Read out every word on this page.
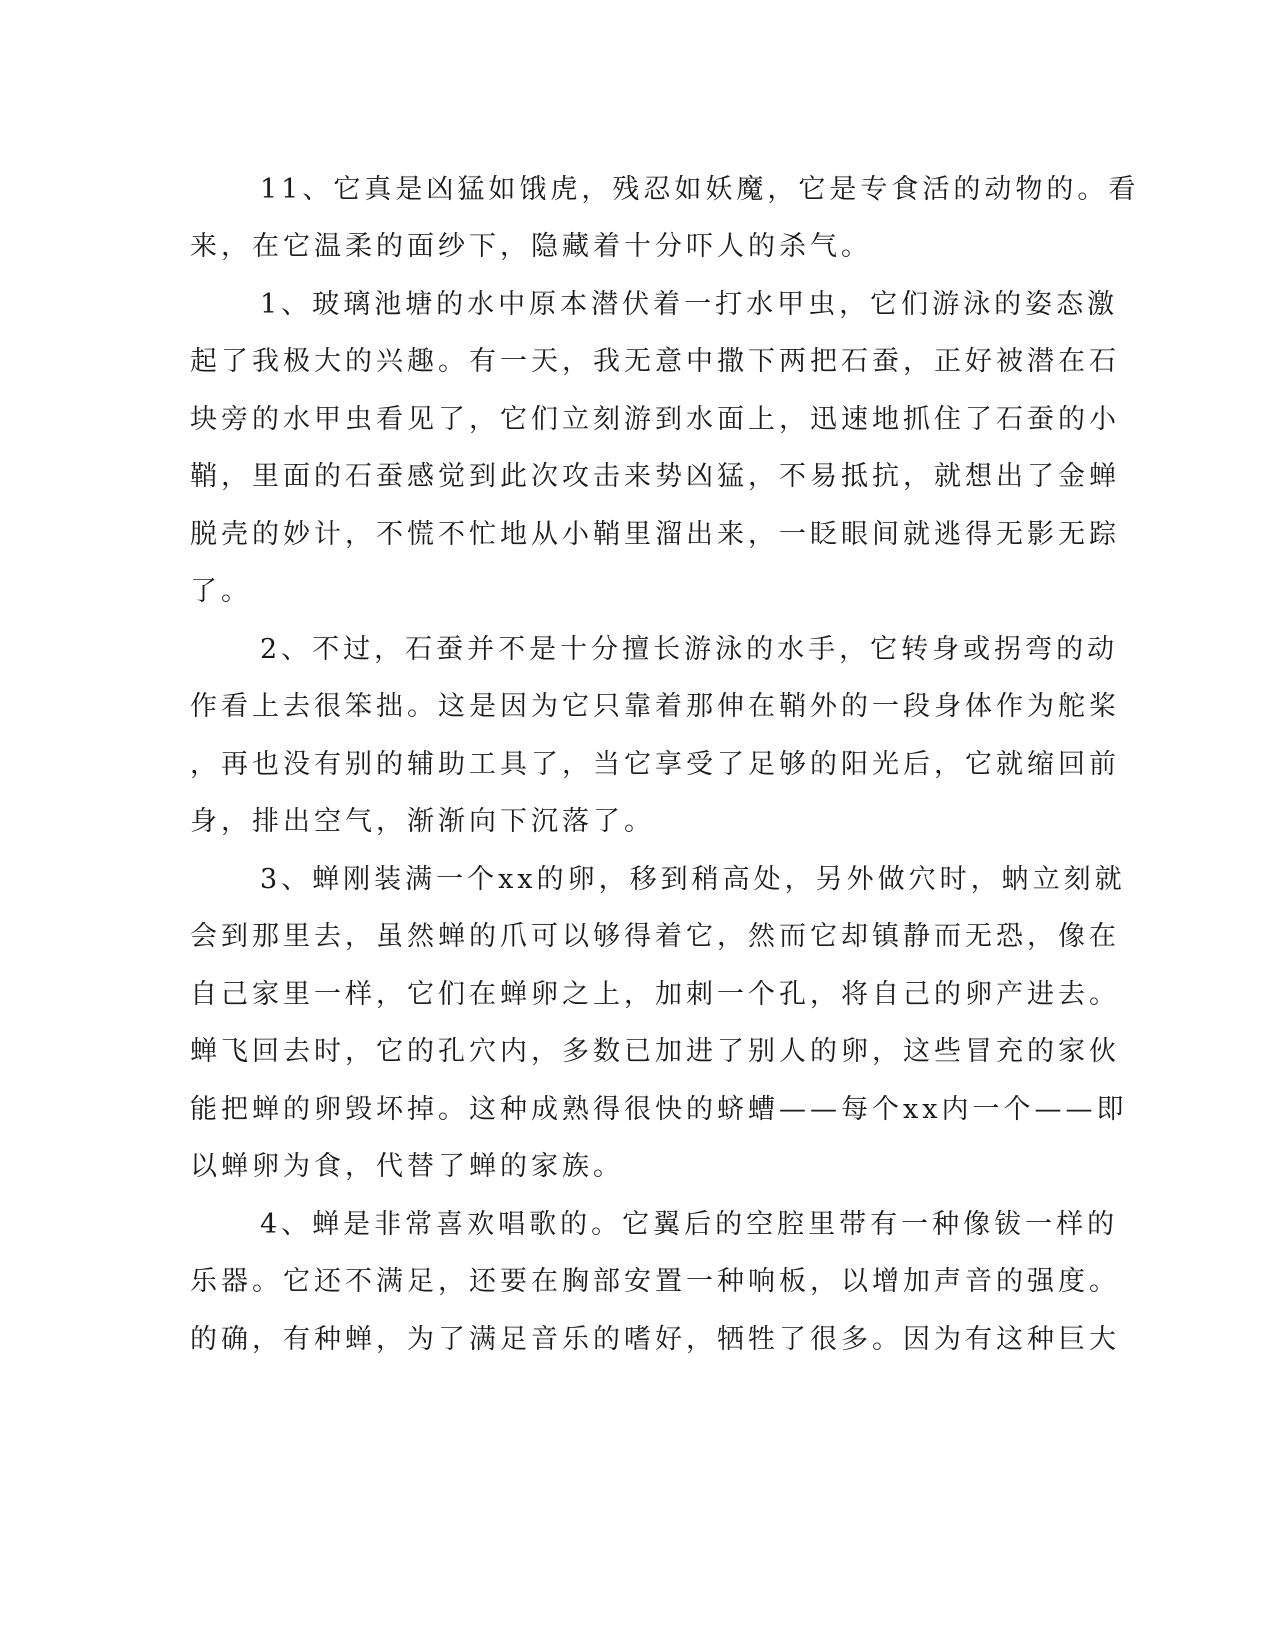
11、它真是凶猛如饿虎，残忍如妖魔，它是专食活的动物的。看
来，在它温柔的面纱下，隐藏着十分吓人的杀气。
1、玻璃池塘的水中原本潜伏着一打水甲虫，它们游泳的姿态激
起了我极大的兴趣。有一天，我无意中撒下两把石蚕，正好被潜在石
块旁的水甲虫看见了，它们立刻游到水面上，迅速地抓住了石蚕的小
鞘，里面的石蚕感觉到此次攻击来势凶猛，不易抵抗，就想出了金蝉
脱壳的妙计，不慌不忙地从小鞘里溜出来，一眨眼间就逃得无影无踪
了。
2、不过，石蚕并不是十分擅长游泳的水手，它转身或拐弯的动
作看上去很笨拙。这是因为它只靠着那伸在鞘外的一段身体作为舵桨
，再也没有别的辅助工具了，当它享受了足够的阳光后，它就缩回前
身，排出空气，渐渐向下沉落了。
3、蝉刚装满一个xx的卵，移到稍高处，另外做穴时，蚋立刻就
会到那里去，虽然蝉的爪可以够得着它，然而它却镇静而无恐，像在
自己家里一样，它们在蝉卵之上，加刺一个孔，将自己的卵产进去。
蝉飞回去时，它的孔穴内，多数已加进了别人的卵，这些冒充的家伙
能把蝉的卵毁坏掉。这种成熟得很快的蛴螬——每个xx内一个——即
以蝉卵为食，代替了蝉的家族。
4、蝉是非常喜欢唱歌的。它翼后的空腔里带有一种像钹一样的
乐器。它还不满足，还要在胸部安置一种响板，以增加声音的强度。
的确，有种蝉，为了满足音乐的嗜好，牺牲了很多。因为有这种巨大
